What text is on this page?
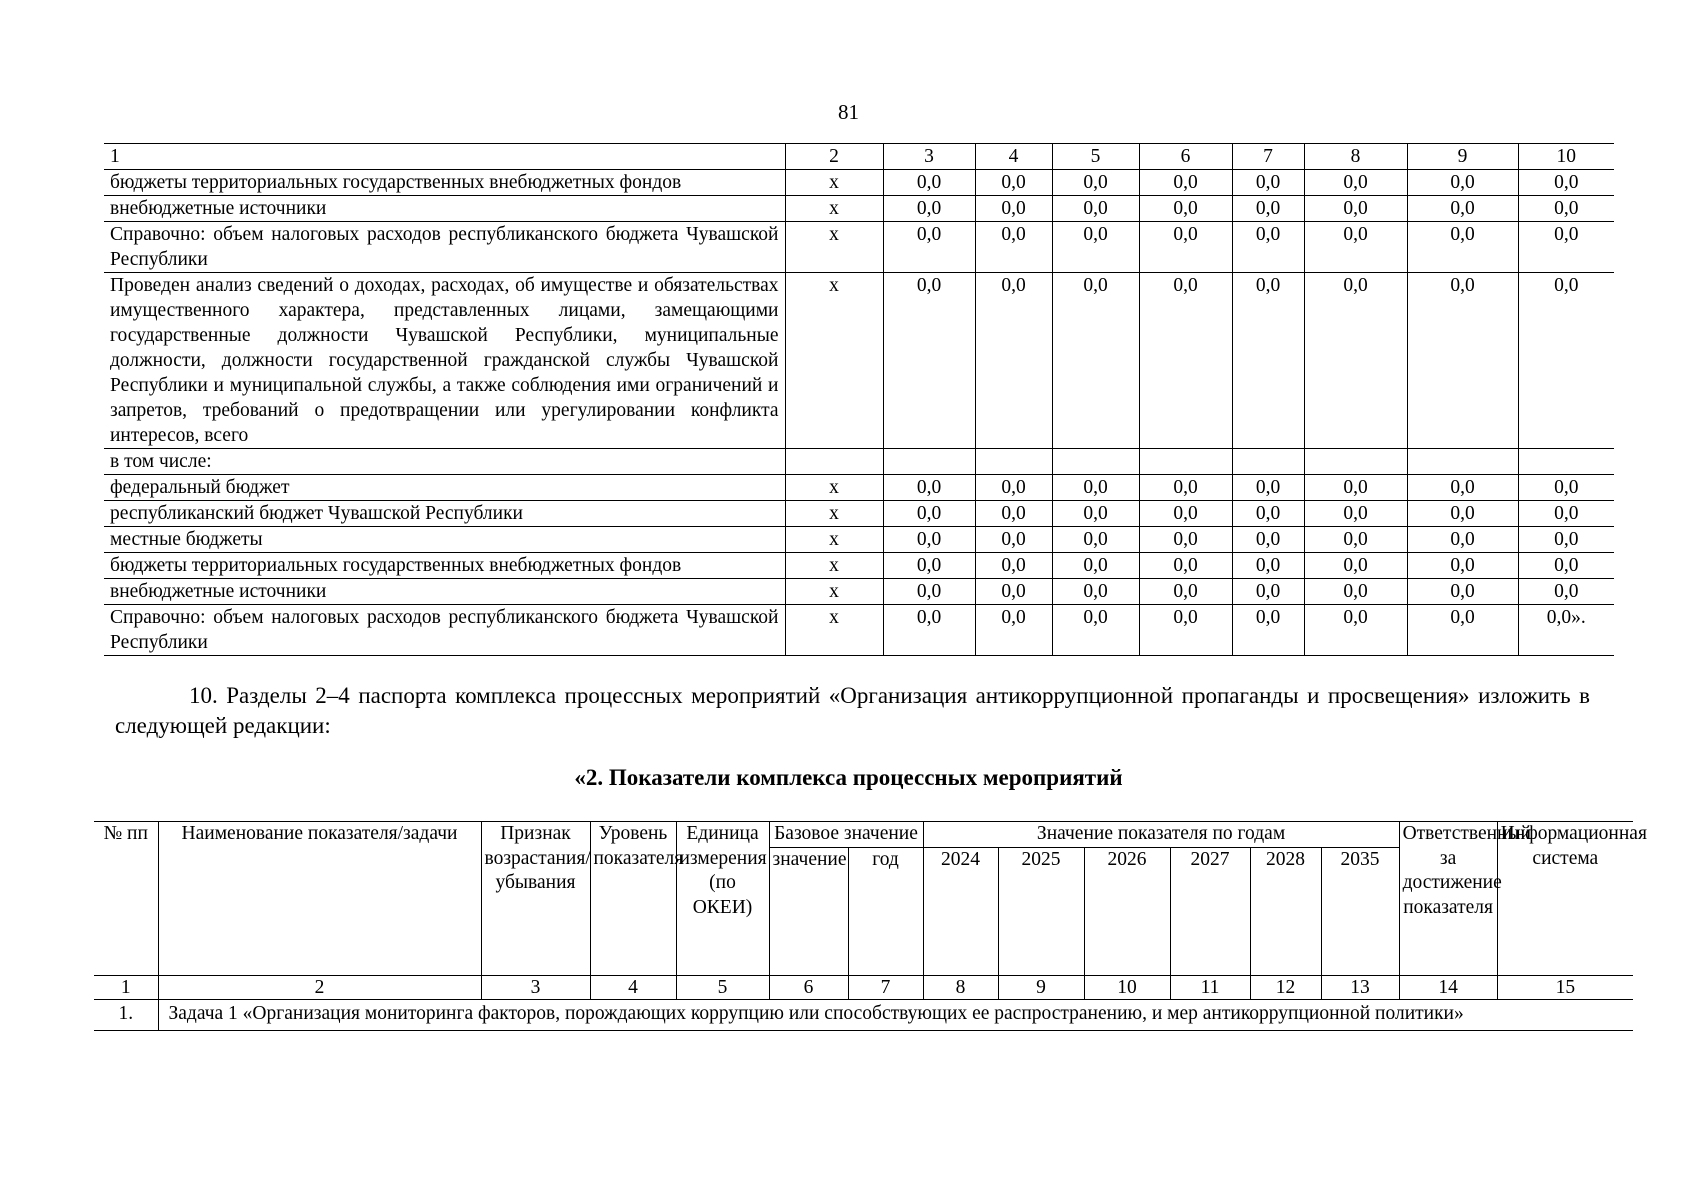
81
1	2	3	4	5	6	7	8	9	10
бюджеты территориальных государственных внебюджетных фондов	х	0,0	0,0	0,0	0,0	0,0	0,0	0,0	0,0
внебюджетные источники	х	0,0	0,0	0,0	0,0	0,0	0,0	0,0	0,0
Справочно: объем налоговых расходов республиканского бюджета Чувашской Республики	х	0,0	0,0	0,0	0,0	0,0	0,0	0,0	0,0
Проведен анализ сведений о доходах, расходах, об имуществе и обязательствах имущественного характера, представленных лицами, замещающими государственные должности Чувашской Республики, муниципальные должности, должности государственной гражданской службы Чувашской Республики и муниципальной службы, а также соблюдения ими ограничений и запретов, требований о предотвращении или урегулировании конфликта интересов, всего	х	0,0	0,0	0,0	0,0	0,0	0,0	0,0	0,0
в том числе:									
федеральный бюджет	х	0,0	0,0	0,0	0,0	0,0	0,0	0,0	0,0
республиканский бюджет Чувашской Республики	х	0,0	0,0	0,0	0,0	0,0	0,0	0,0	0,0
местные бюджеты	х	0,0	0,0	0,0	0,0	0,0	0,0	0,0	0,0
бюджеты территориальных государственных внебюджетных фондов	х	0,0	0,0	0,0	0,0	0,0	0,0	0,0	0,0
внебюджетные источники	х	0,0	0,0	0,0	0,0	0,0	0,0	0,0	0,0
Справочно: объем налоговых расходов республиканского бюджета Чувашской Республики	х	0,0	0,0	0,0	0,0	0,0	0,0	0,0	0,0».

10. Разделы 2–4 паспорта комплекса процессных мероприятий «Организация антикоррупционной пропаганды и просвещения» изложить в следующей редакции:

«2. Показатели комплекса процессных мероприятий
№ пп	Наименование показателя/задачи	Признак возрастания/убывания	Уровень показателя	Единица измерения (по ОКЕИ)	Базовое значение		Значение показателя по годам						Ответственный за достижение показателя	Информационная система
					значение	год	2024	2025	2026	2027	2028	2035		

1	2	3	4	5	6	7	8	9	10	11	12	13	14	15
1.	Задача 1 «Организация мониторинга факторов, порождающих коррупцию или способствующих ее распространению, и мер антикоррупционной политики»													
